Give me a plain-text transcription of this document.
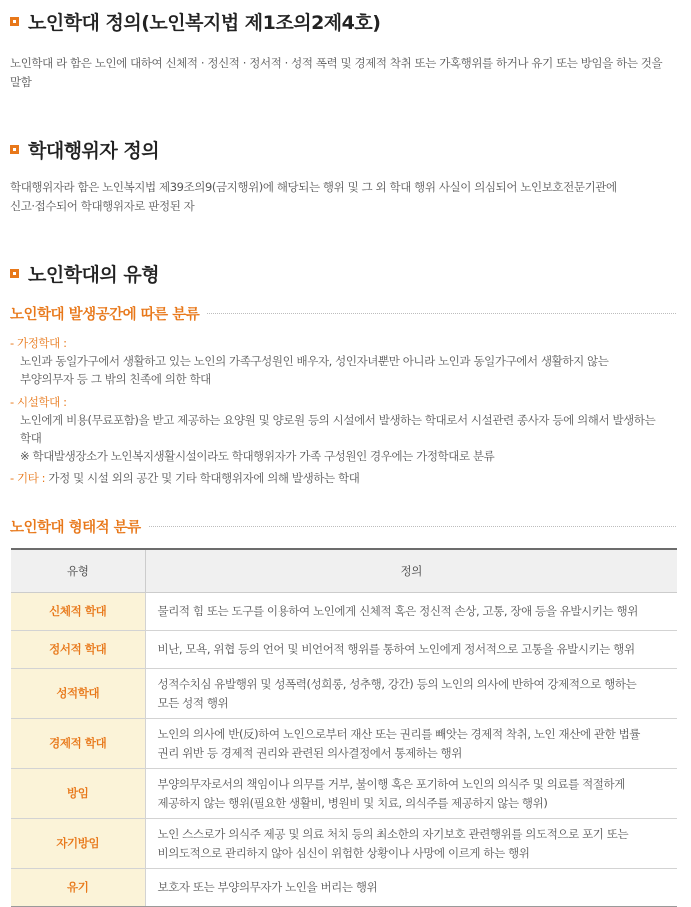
노인학대 정의(노인복지법 제1조의2제4호)
노인학대 라 함은 노인에 대하여 신체적 · 정신적 · 정서적 · 성적 폭력 및 경제적 착취 또는 가혹행위를 하거나 유기 또는 방임을 하는 것을 말함
학대행위자 정의
학대행위자라 함은 노인복지법 제39조의9(금지행위)에 해당되는 행위 및 그 외 학대 행위 사실이 의심되어 노인보호전문기관에
신고·접수되어 학대행위자로 판정된 자
노인학대의 유형
노인학대 발생공간에 따른 분류
- 가정학대 :
노인과 동일가구에서 생활하고 있는 노인의 가족구성원인 배우자, 성인자녀뿐만 아니라 노인과 동일가구에서 생활하지 않는
부양의무자 등 그 밖의 친족에 의한 학대
- 시설학대 :
노인에게 비용(무료포함)을 받고 제공하는 요양원 및 양로원 등의 시설에서 발생하는 학대로서 시설관련 종사자 등에 의해서 발생하는
학대
※ 학대발생장소가 노인복지생활시설이라도 학대행위자가 가족 구성원인 경우에는 가정학대로 분류
- 기타 : 가정 및 시설 외의 공간 및 기타 학대행위자에 의해 발생하는 학대
노인학대 형태적 분류
유형	정의
신체적 학대	물리적 힘 또는 도구를 이용하여 노인에게 신체적 혹은 정신적 손상, 고통, 장애 등을 유발시키는 행위

정서적 학대	비난, 모욕, 위협 등의 언어 및 비언어적 행위를 통하여 노인에게 정서적으로 고통을 유발시키는 행위

성적학대	성적수치심 유발행위 및 성폭력(성희롱, 성추행, 강간) 등의 노인의 의사에 반하여 강제적으로 행하는
모든 성적 행위

경제적 학대	노인의 의사에 반(反)하여 노인으로부터 재산 또는 권리를 빼앗는 경제적 착취, 노인 재산에 관한 법률
권리 위반 등 경제적 권리와 관련된 의사결정에서 통제하는 행위

방임	부양의무자로서의 책임이나 의무를 거부, 불이행 혹은 포기하여 노인의 의식주 및 의료를 적절하게
제공하지 않는 행위(필요한 생활비, 병원비 및 치료, 의식주를 제공하지 않는 행위)

자기방임	노인 스스로가 의식주 제공 및 의료 처치 등의 최소한의 자기보호 관련행위를 의도적으로 포기 또는
비의도적으로 관리하지 않아 심신이 위험한 상황이나 사망에 이르게 하는 행위

유기	보호자 또는 부양의무자가 노인을 버리는 행위
